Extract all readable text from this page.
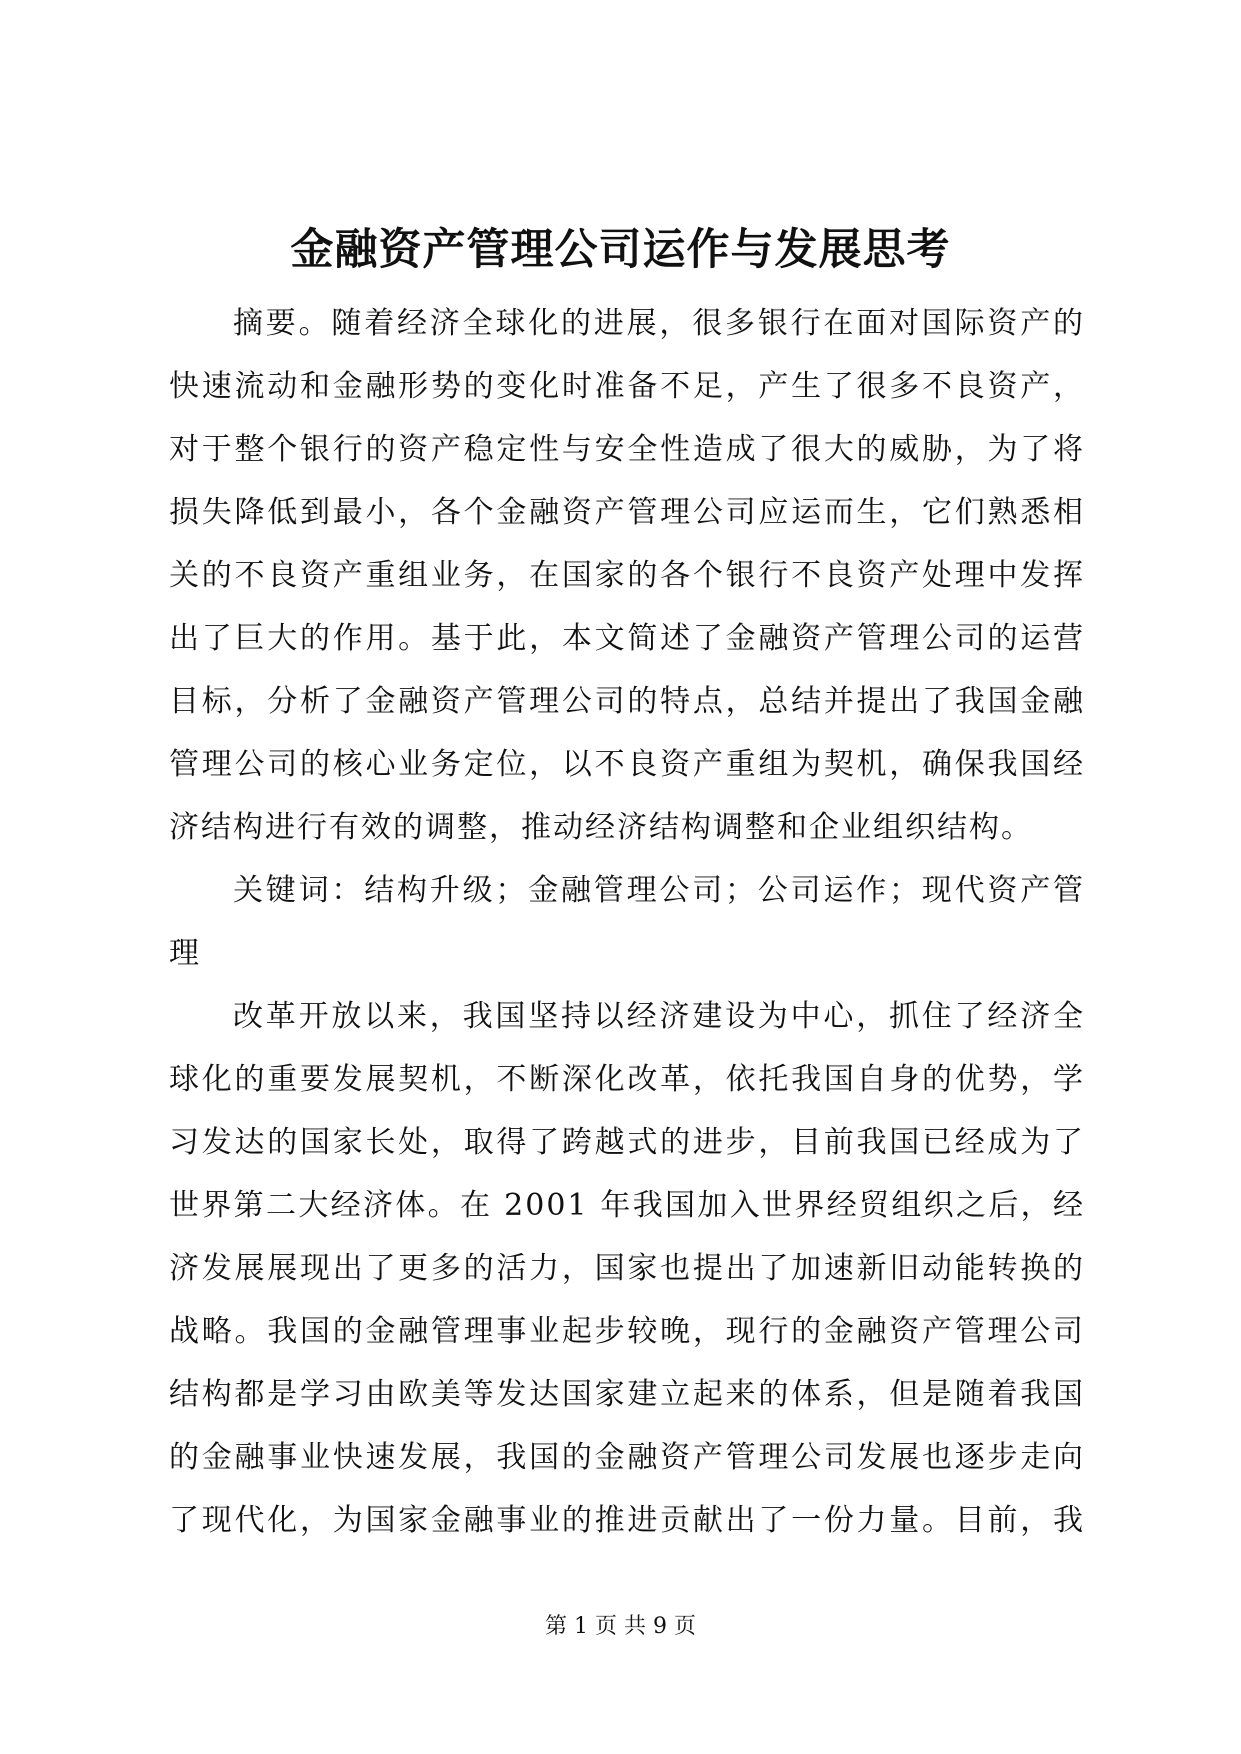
金融资产管理公司运作与发展思考
摘要。随着经济全球化的进展，很多银行在面对国际资产的
快速流动和金融形势的变化时准备不足，产生了很多不良资产，
对于整个银行的资产稳定性与安全性造成了很大的威胁，为了将
损失降低到最小，各个金融资产管理公司应运而生，它们熟悉相
关的不良资产重组业务，在国家的各个银行不良资产处理中发挥
出了巨大的作用。基于此，本文简述了金融资产管理公司的运营
目标，分析了金融资产管理公司的特点，总结并提出了我国金融
管理公司的核心业务定位，以不良资产重组为契机，确保我国经
济结构进行有效的调整，推动经济结构调整和企业组织结构。
关键词：结构升级；金融管理公司；公司运作；现代资产管
理
改革开放以来，我国坚持以经济建设为中心，抓住了经济全
球化的重要发展契机，不断深化改革，依托我国自身的优势，学
习发达的国家长处，取得了跨越式的进步，目前我国已经成为了
世界第二大经济体。在 2001 年我国加入世界经贸组织之后，经
济发展展现出了更多的活力，国家也提出了加速新旧动能转换的
战略。我国的金融管理事业起步较晚，现行的金融资产管理公司
结构都是学习由欧美等发达国家建立起来的体系，但是随着我国
的金融事业快速发展，我国的金融资产管理公司发展也逐步走向
了现代化，为国家金融事业的推进贡献出了一份力量。目前，我
第 1 页 共 9 页
